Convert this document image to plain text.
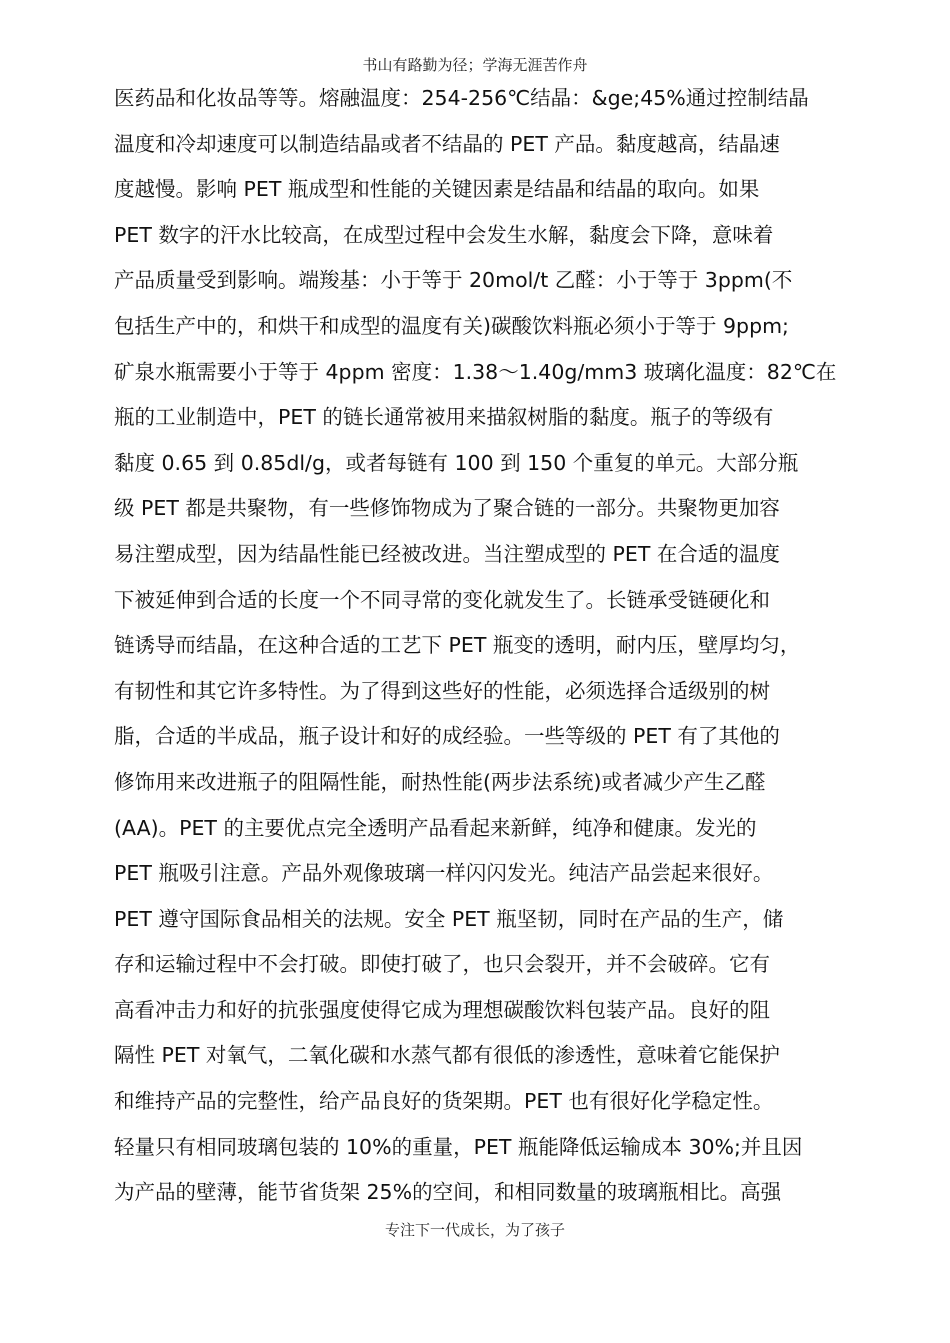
书山有路勤为径；学海无涯苦作舟
医药品和化妆品等等。熔融温度：254-256℃结晶：&ge;45%通过控制结晶
温度和冷却速度可以制造结晶或者不结晶的 PET 产品。黏度越高，结晶速
度越慢。影响 PET 瓶成型和性能的关键因素是结晶和结晶的取向。如果
PET 数字的汗水比较高，在成型过程中会发生水解，黏度会下降，意味着
产品质量受到影响。端羧基：小于等于 20mol/t 乙醛：小于等于 3ppm(不
包括生产中的，和烘干和成型的温度有关)碳酸饮料瓶必须小于等于 9ppm;
矿泉水瓶需要小于等于 4ppm 密度：1.38～1.40g/mm3 玻璃化温度：82℃在
瓶的工业制造中，PET 的链长通常被用来描叙树脂的黏度。瓶子的等级有
黏度 0.65 到 0.85dl/g，或者每链有 100 到 150 个重复的单元。大部分瓶
级 PET 都是共聚物，有一些修饰物成为了聚合链的一部分。共聚物更加容
易注塑成型，因为结晶性能已经被改进。当注塑成型的 PET 在合适的温度
下被延伸到合适的长度一个不同寻常的变化就发生了。长链承受链硬化和
链诱导而结晶，在这种合适的工艺下 PET 瓶变的透明，耐内压，壁厚均匀，
有韧性和其它许多特性。为了得到这些好的性能，必须选择合适级别的树
脂，合适的半成品，瓶子设计和好的成经验。一些等级的 PET 有了其他的
修饰用来改进瓶子的阻隔性能，耐热性能(两步法系统)或者减少产生乙醛
(AA)。PET 的主要优点完全透明产品看起来新鲜，纯净和健康。发光的
PET 瓶吸引注意。产品外观像玻璃一样闪闪发光。纯洁产品尝起来很好。
PET 遵守国际食品相关的法规。安全 PET 瓶坚韧，同时在产品的生产，储
存和运输过程中不会打破。即使打破了，也只会裂开，并不会破碎。它有
高看冲击力和好的抗张强度使得它成为理想碳酸饮料包装产品。良好的阻
隔性 PET 对氧气，二氧化碳和水蒸气都有很低的渗透性，意味着它能保护
和维持产品的完整性，给产品良好的货架期。PET 也有很好化学稳定性。
轻量只有相同玻璃包装的 10%的重量，PET 瓶能降低运输成本 30%;并且因
为产品的壁薄，能节省货架 25%的空间，和相同数量的玻璃瓶相比。高强
专注下一代成长，为了孩子
